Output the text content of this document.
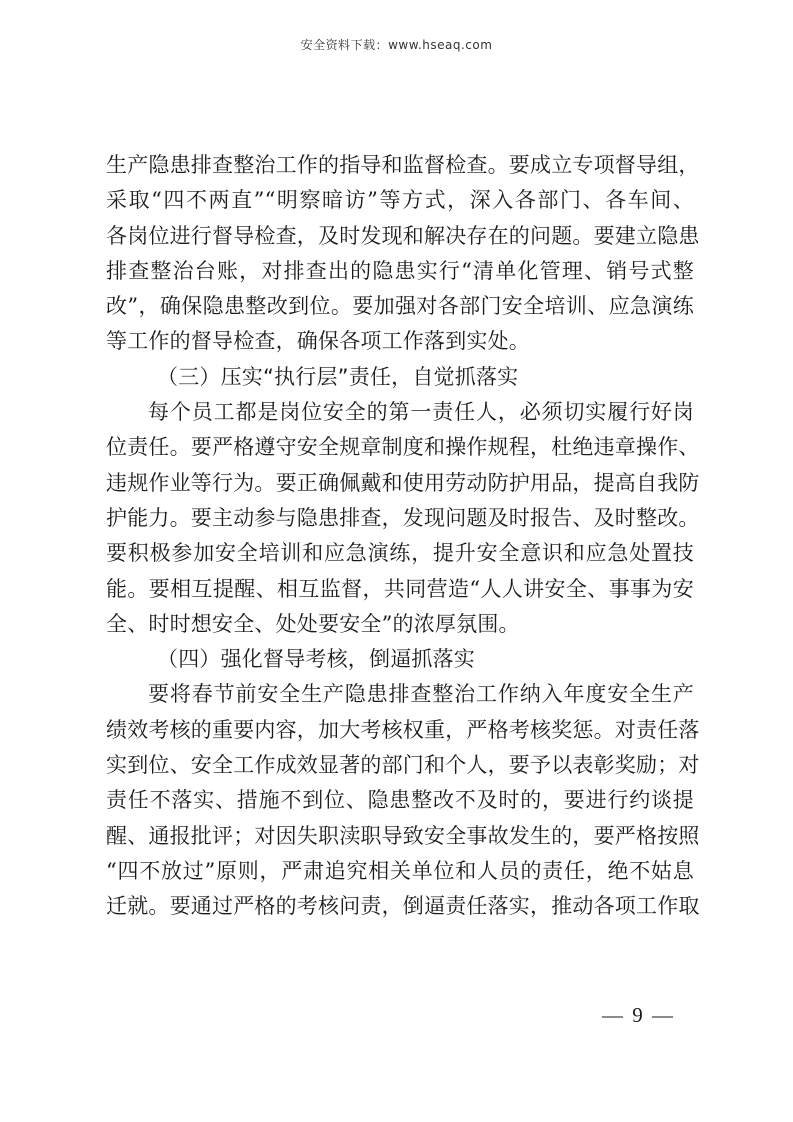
安全资料下载：www.hseaq.com
生产隐患排查整治工作的指导和监督检查。要成立专项督导组，
采取“四不两直”“明察暗访”等方式，深入各部门、各车间、
各岗位进行督导检查，及时发现和解决存在的问题。要建立隐患
排查整治台账，对排查出的隐患实行“清单化管理、销号式整
改”，确保隐患整改到位。要加强对各部门安全培训、应急演练
等工作的督导检查，确保各项工作落到实处。
（三）压实“执行层”责任，自觉抓落实
每个员工都是岗位安全的第一责任人，必须切实履行好岗
位责任。要严格遵守安全规章制度和操作规程，杜绝违章操作、
违规作业等行为。要正确佩戴和使用劳动防护用品，提高自我防
护能力。要主动参与隐患排查，发现问题及时报告、及时整改。
要积极参加安全培训和应急演练，提升安全意识和应急处置技
能。要相互提醒、相互监督，共同营造“人人讲安全、事事为安
全、时时想安全、处处要安全”的浓厚氛围。
（四）强化督导考核，倒逼抓落实
要将春节前安全生产隐患排查整治工作纳入年度安全生产
绩效考核的重要内容，加大考核权重，严格考核奖惩。对责任落
实到位、安全工作成效显著的部门和个人，要予以表彰奖励；对
责任不落实、措施不到位、隐患整改不及时的，要进行约谈提
醒、通报批评；对因失职渎职导致安全事故发生的，要严格按照
“四不放过”原则，严肃追究相关单位和人员的责任，绝不姑息
迁就。要通过严格的考核问责，倒逼责任落实，推动各项工作取
— 9 —
